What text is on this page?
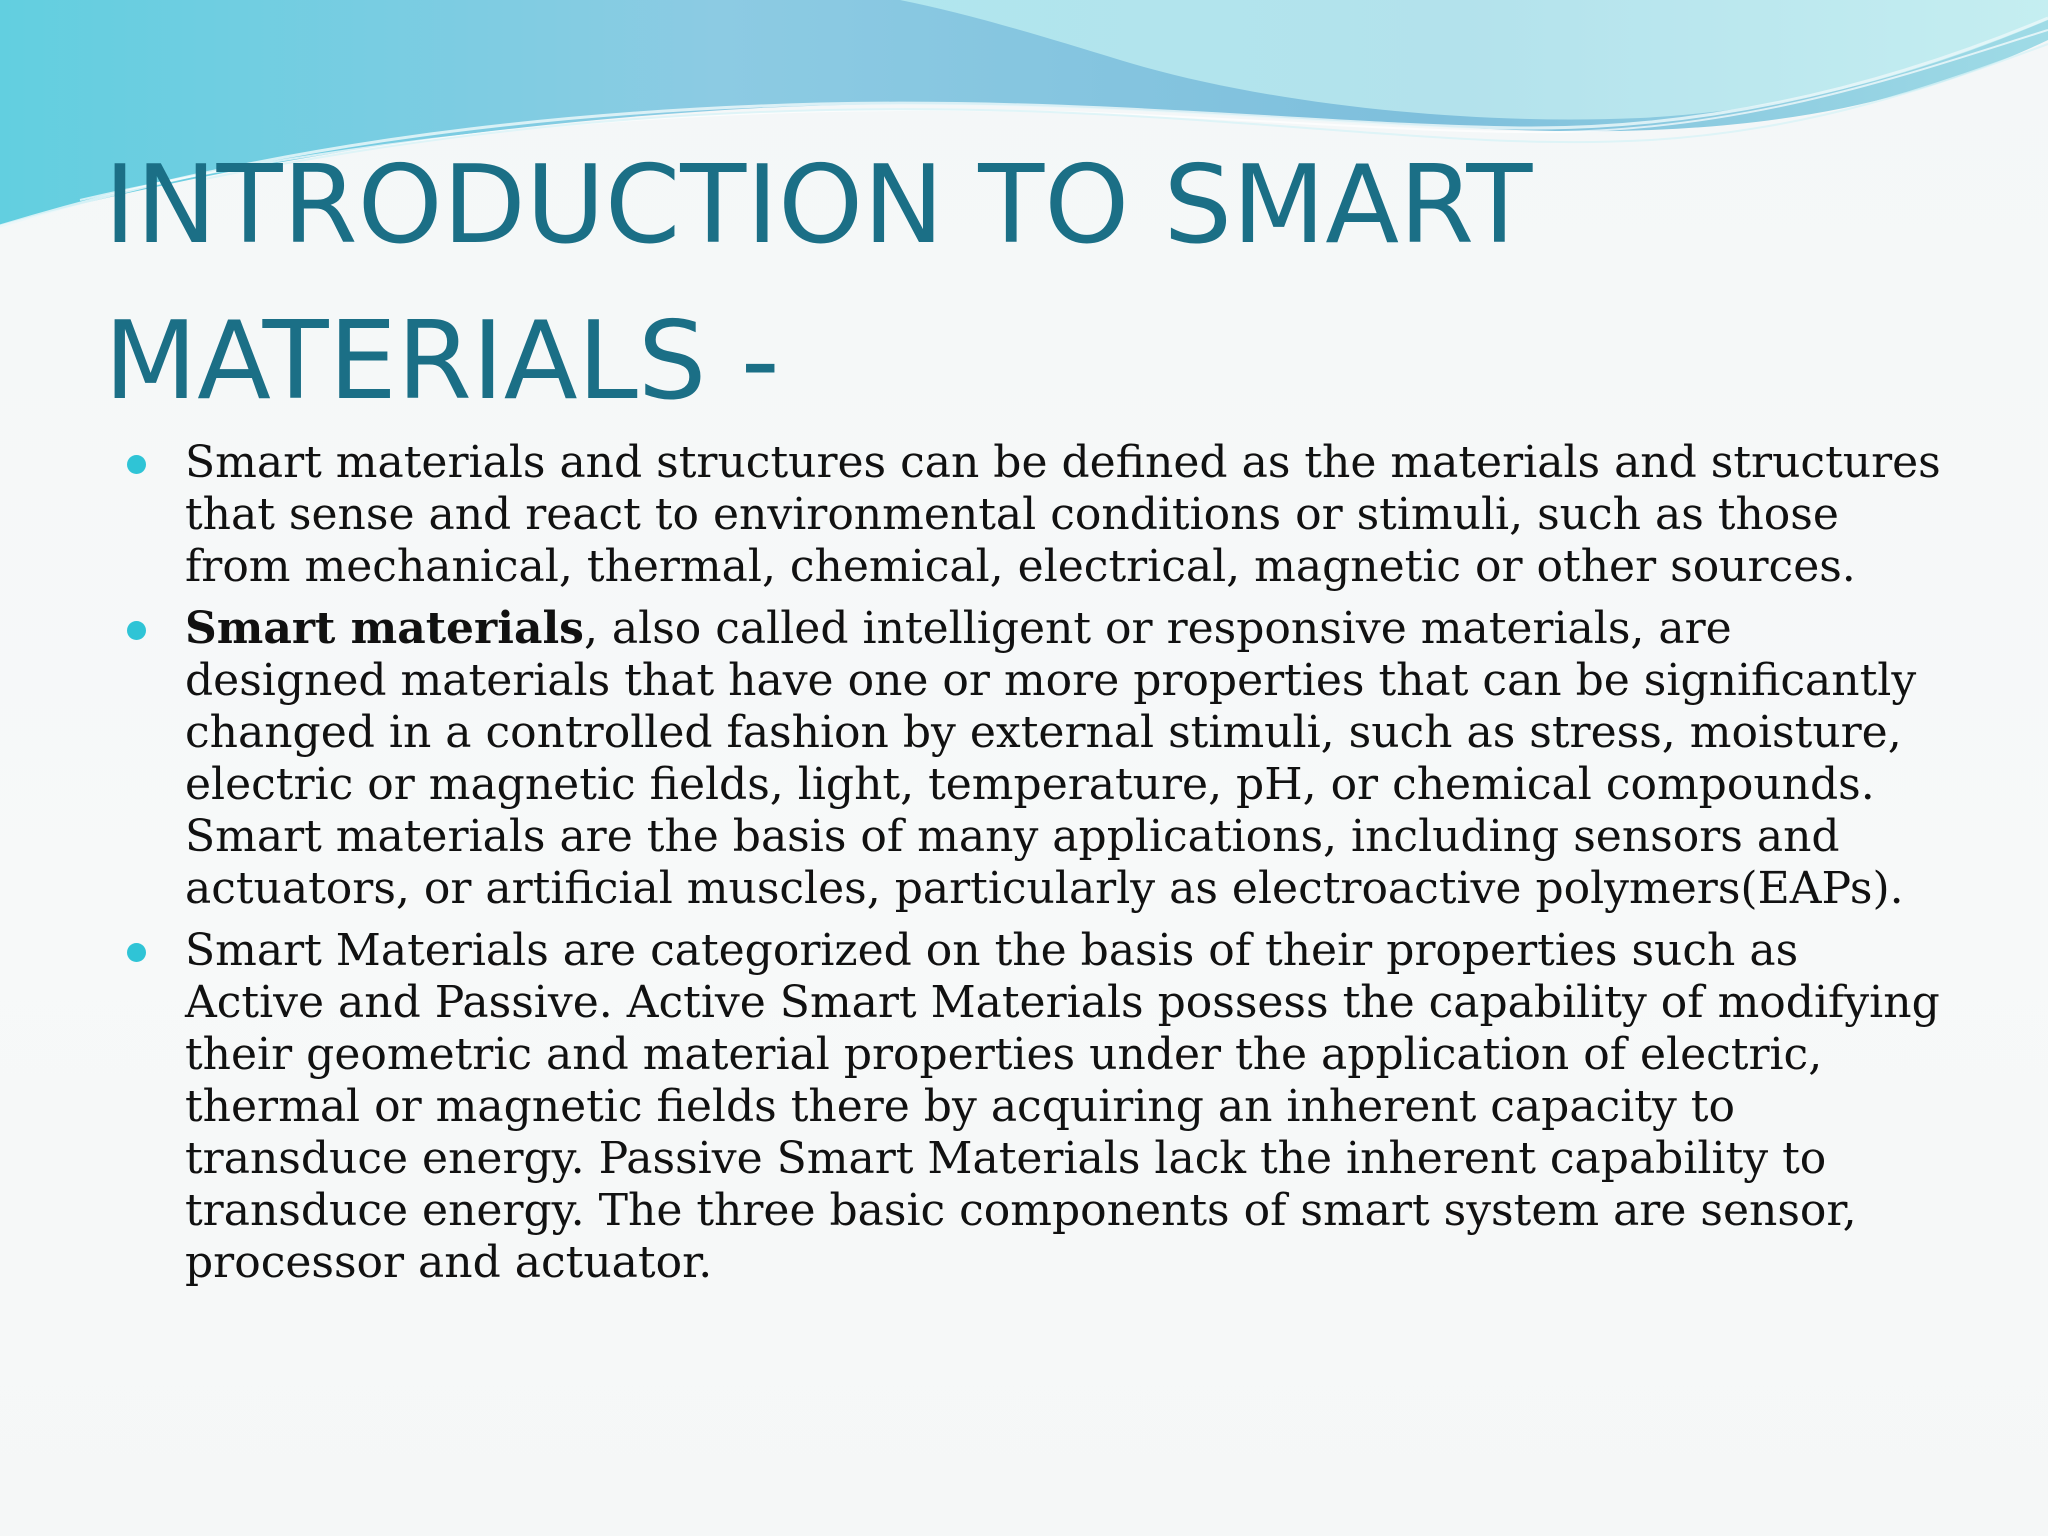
INTRODUCTION TO SMART MATERIALS -
Smart materials and structures can be defined as the materials and structures that sense and react to environmental conditions or stimuli, such as those from mechanical, thermal, chemical, electrical, magnetic or other sources.
Smart materials, also called intelligent or responsive materials, are designed materials that have one or more properties that can be significantly changed in a controlled fashion by external stimuli, such as stress, moisture, electric or magnetic fields, light, temperature, pH, or chemical compounds. Smart materials are the basis of many applications, including sensors and actuators, or artificial muscles, particularly as electroactive polymers(EAPs).
Smart Materials are categorized on the basis of their properties such as Active and Passive. Active Smart Materials possess the capability of modifying their geometric and material properties under the application of electric, thermal or magnetic fields there by acquiring an inherent capacity to transduce energy. Passive Smart Materials lack the inherent capability to transduce energy. The three basic components of smart system are sensor, processor and actuator.
